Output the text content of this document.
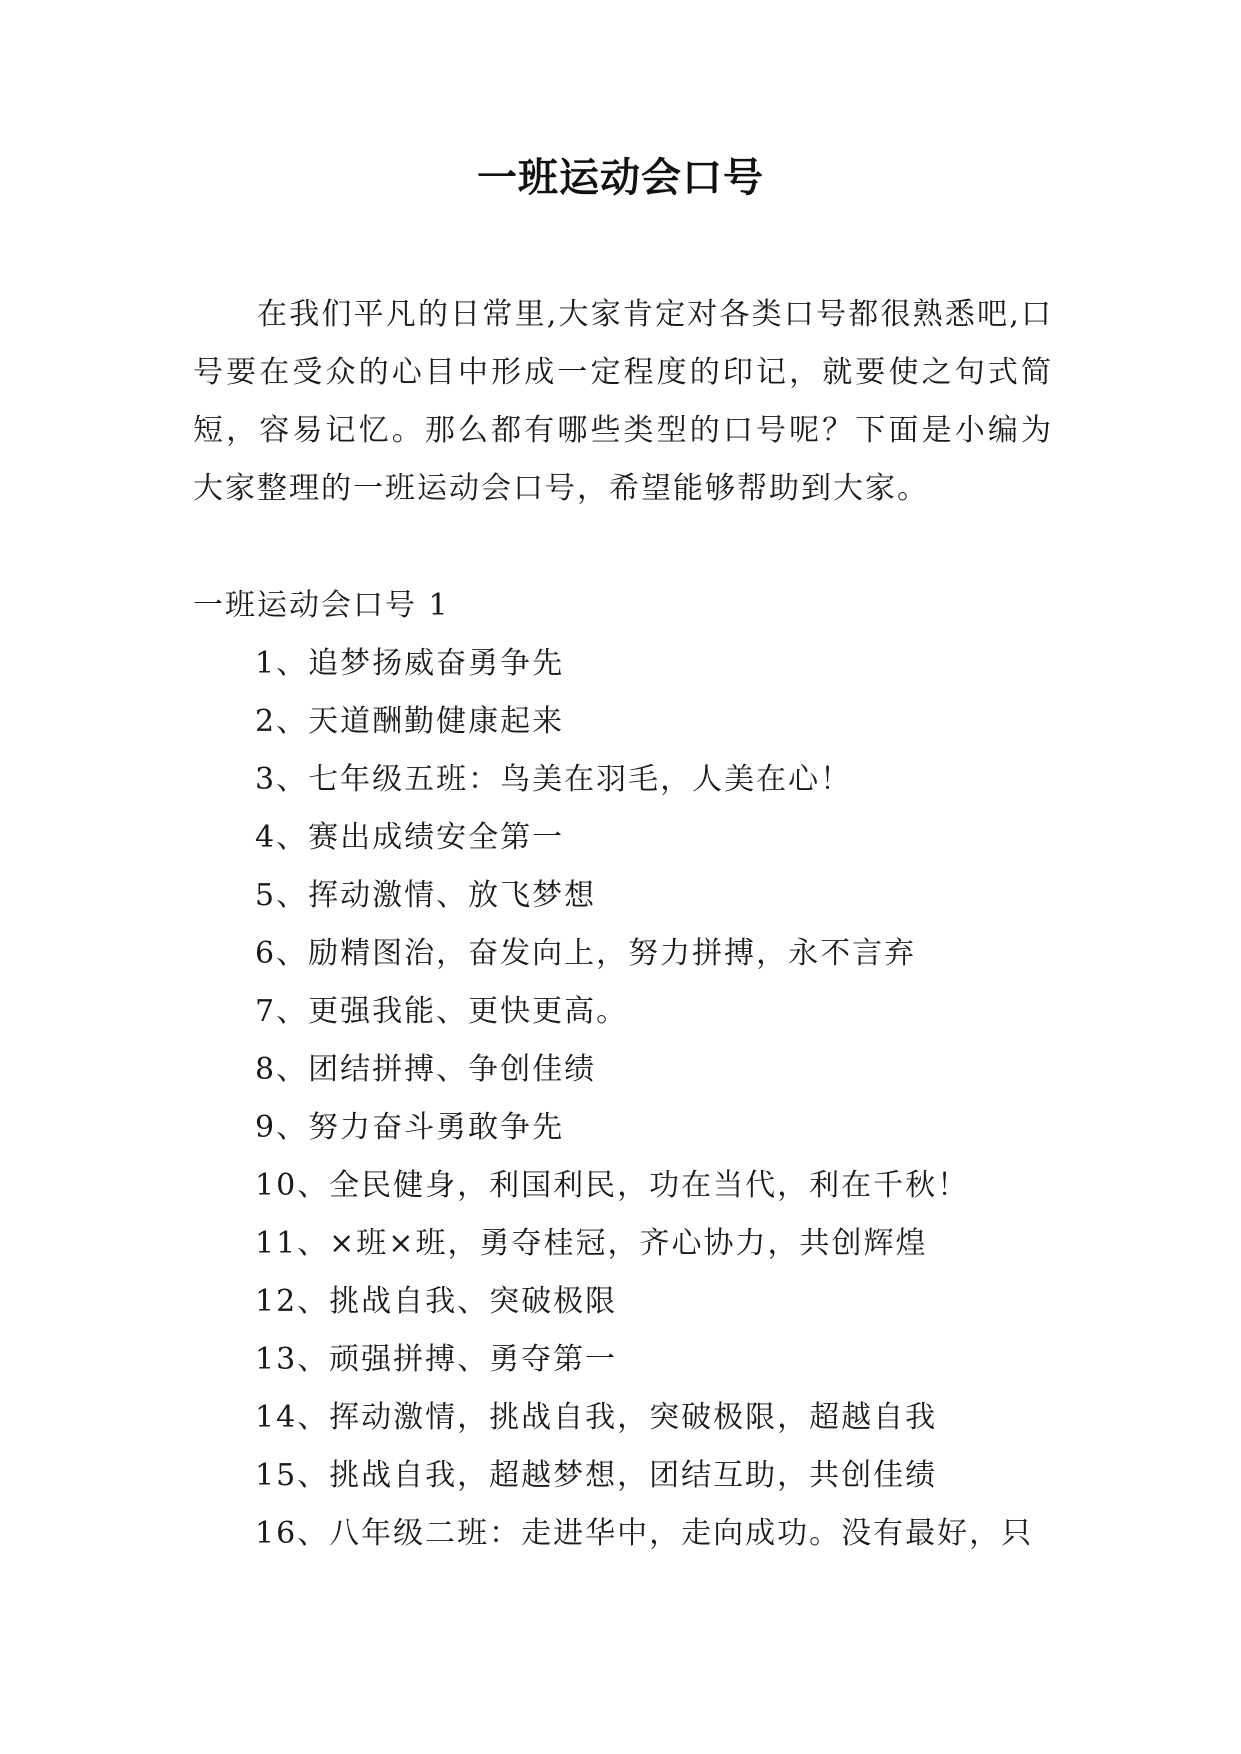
一班运动会口号

在我们平凡的日常里,大家肯定对各类口号都很熟悉吧,口号要在受众的心目中形成一定程度的印记，就要使之句式简短，容易记忆。那么都有哪些类型的口号呢？下面是小编为大家整理的一班运动会口号，希望能够帮助到大家。

一班运动会口号 1
1、追梦扬威奋勇争先
2、天道酬勤健康起来
3、七年级五班：鸟美在羽毛，人美在心！
4、赛出成绩安全第一
5、挥动激情、放飞梦想
6、励精图治，奋发向上，努力拼搏，永不言弃
7、更强我能、更快更高。
8、团结拼搏、争创佳绩
9、努力奋斗勇敢争先
10、全民健身，利国利民，功在当代，利在千秋！
11、×班×班，勇夺桂冠，齐心协力，共创辉煌
12、挑战自我、突破极限
13、顽强拼搏、勇夺第一
14、挥动激情，挑战自我，突破极限，超越自我
15、挑战自我，超越梦想，团结互助，共创佳绩
16、八年级二班：走进华中，走向成功。没有最好，只
